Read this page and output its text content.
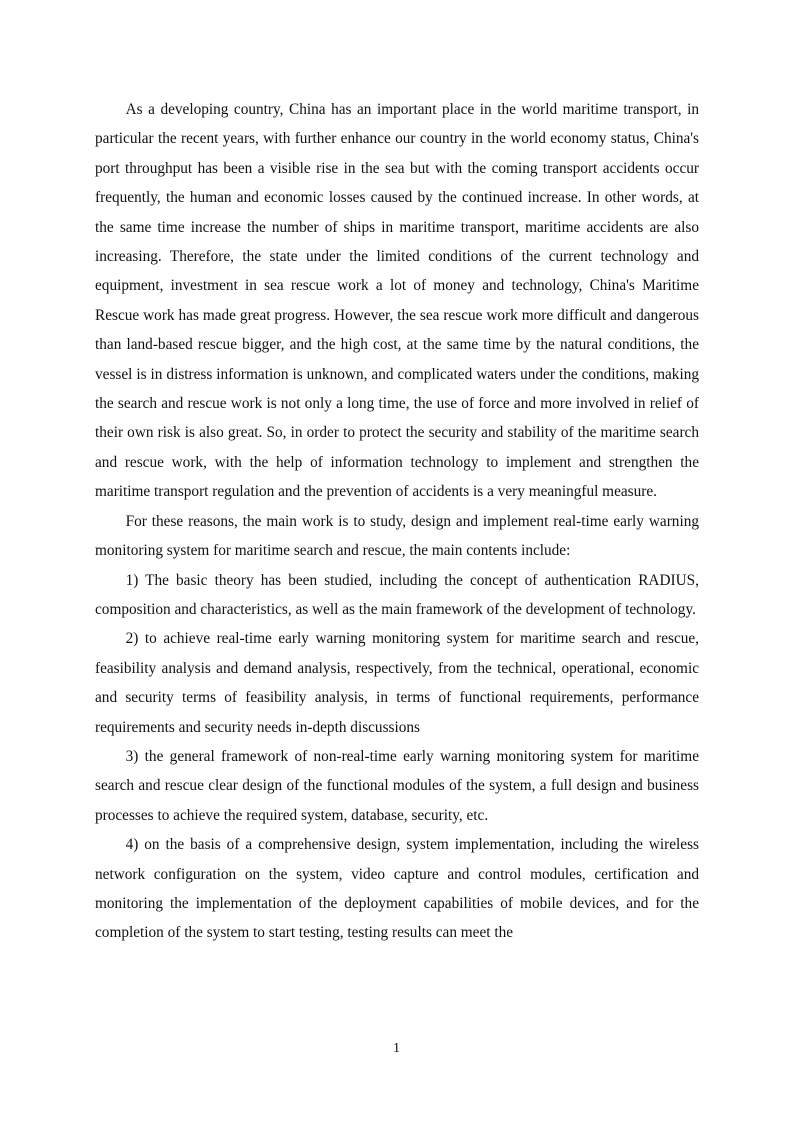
As a developing country, China has an important place in the world maritime transport, in particular the recent years, with further enhance our country in the world economy status, China's port throughput has been a visible rise in the sea but with the coming transport accidents occur frequently, the human and economic losses caused by the continued increase. In other words, at the same time increase the number of ships in maritime transport, maritime accidents are also increasing. Therefore, the state under the limited conditions of the current technology and equipment, investment in sea rescue work a lot of money and technology, China's Maritime Rescue work has made great progress. However, the sea rescue work more difficult and dangerous than land-based rescue bigger, and the high cost, at the same time by the natural conditions, the vessel is in distress information is unknown, and complicated waters under the conditions, making the search and rescue work is not only a long time, the use of force and more involved in relief of their own risk is also great. So, in order to protect the security and stability of the maritime search and rescue work, with the help of information technology to implement and strengthen the maritime transport regulation and the prevention of accidents is a very meaningful measure.

For these reasons, the main work is to study, design and implement real-time early warning monitoring system for maritime search and rescue, the main contents include:

1) The basic theory has been studied, including the concept of authentication RADIUS, composition and characteristics, as well as the main framework of the development of technology.

2) to achieve real-time early warning monitoring system for maritime search and rescue, feasibility analysis and demand analysis, respectively, from the technical, operational, economic and security terms of feasibility analysis, in terms of functional requirements, performance requirements and security needs in-depth discussions

3) the general framework of non-real-time early warning monitoring system for maritime search and rescue clear design of the functional modules of the system, a full design and business processes to achieve the required system, database, security, etc.

4) on the basis of a comprehensive design, system implementation, including the wireless network configuration on the system, video capture and control modules, certification and monitoring the implementation of the deployment capabilities of mobile devices, and for the completion of the system to start testing, testing results can meet the

1
